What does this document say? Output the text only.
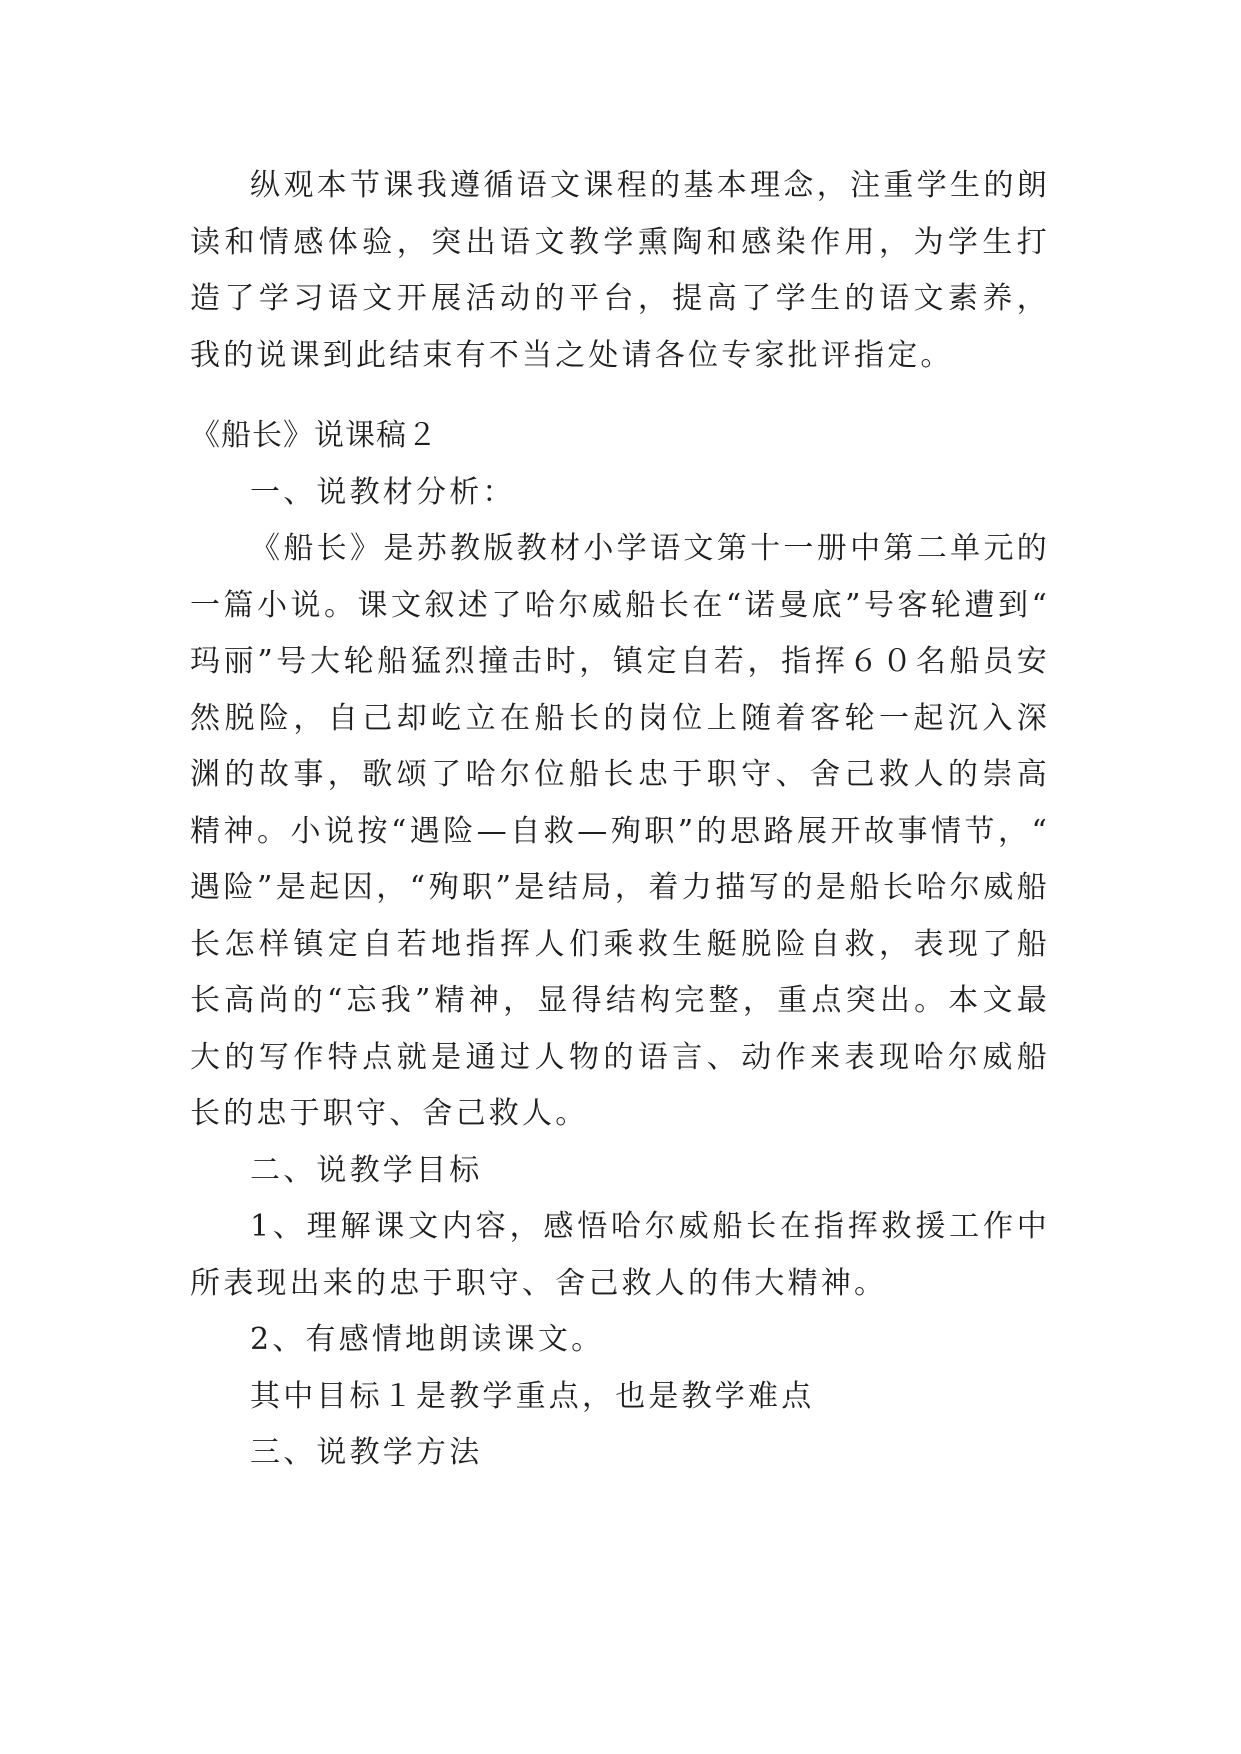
纵观本节课我遵循语文课程的基本理念，注重学生的朗读和情感体验，突出语文教学熏陶和感染作用，为学生打造了学习语文开展活动的平台，提高了学生的语文素养，我的说课到此结束有不当之处请各位专家批评指定。

《船长》说课稿２

一、说教材分析：

《船长》是苏教版教材小学语文第十一册中第二单元的一篇小说。课文叙述了哈尔威船长在“诺曼底”号客轮遭到“玛丽”号大轮船猛烈撞击时，镇定自若，指挥６０名船员安然脱险，自己却屹立在船长的岗位上随着客轮一起沉入深渊的故事，歌颂了哈尔位船长忠于职守、舍己救人的崇高精神。小说按“遇险—自救—殉职”的思路展开故事情节，“遇险”是起因，“殉职”是结局，着力描写的是船长哈尔威船长怎样镇定自若地指挥人们乘救生艇脱险自救，表现了船长高尚的“忘我”精神，显得结构完整，重点突出。本文最大的写作特点就是通过人物的语言、动作来表现哈尔威船长的忠于职守、舍己救人。

二、说教学目标

1、理解课文内容，感悟哈尔威船长在指挥救援工作中所表现出来的忠于职守、舍己救人的伟大精神。

2、有感情地朗读课文。

其中目标１是教学重点，也是教学难点

三、说教学方法
